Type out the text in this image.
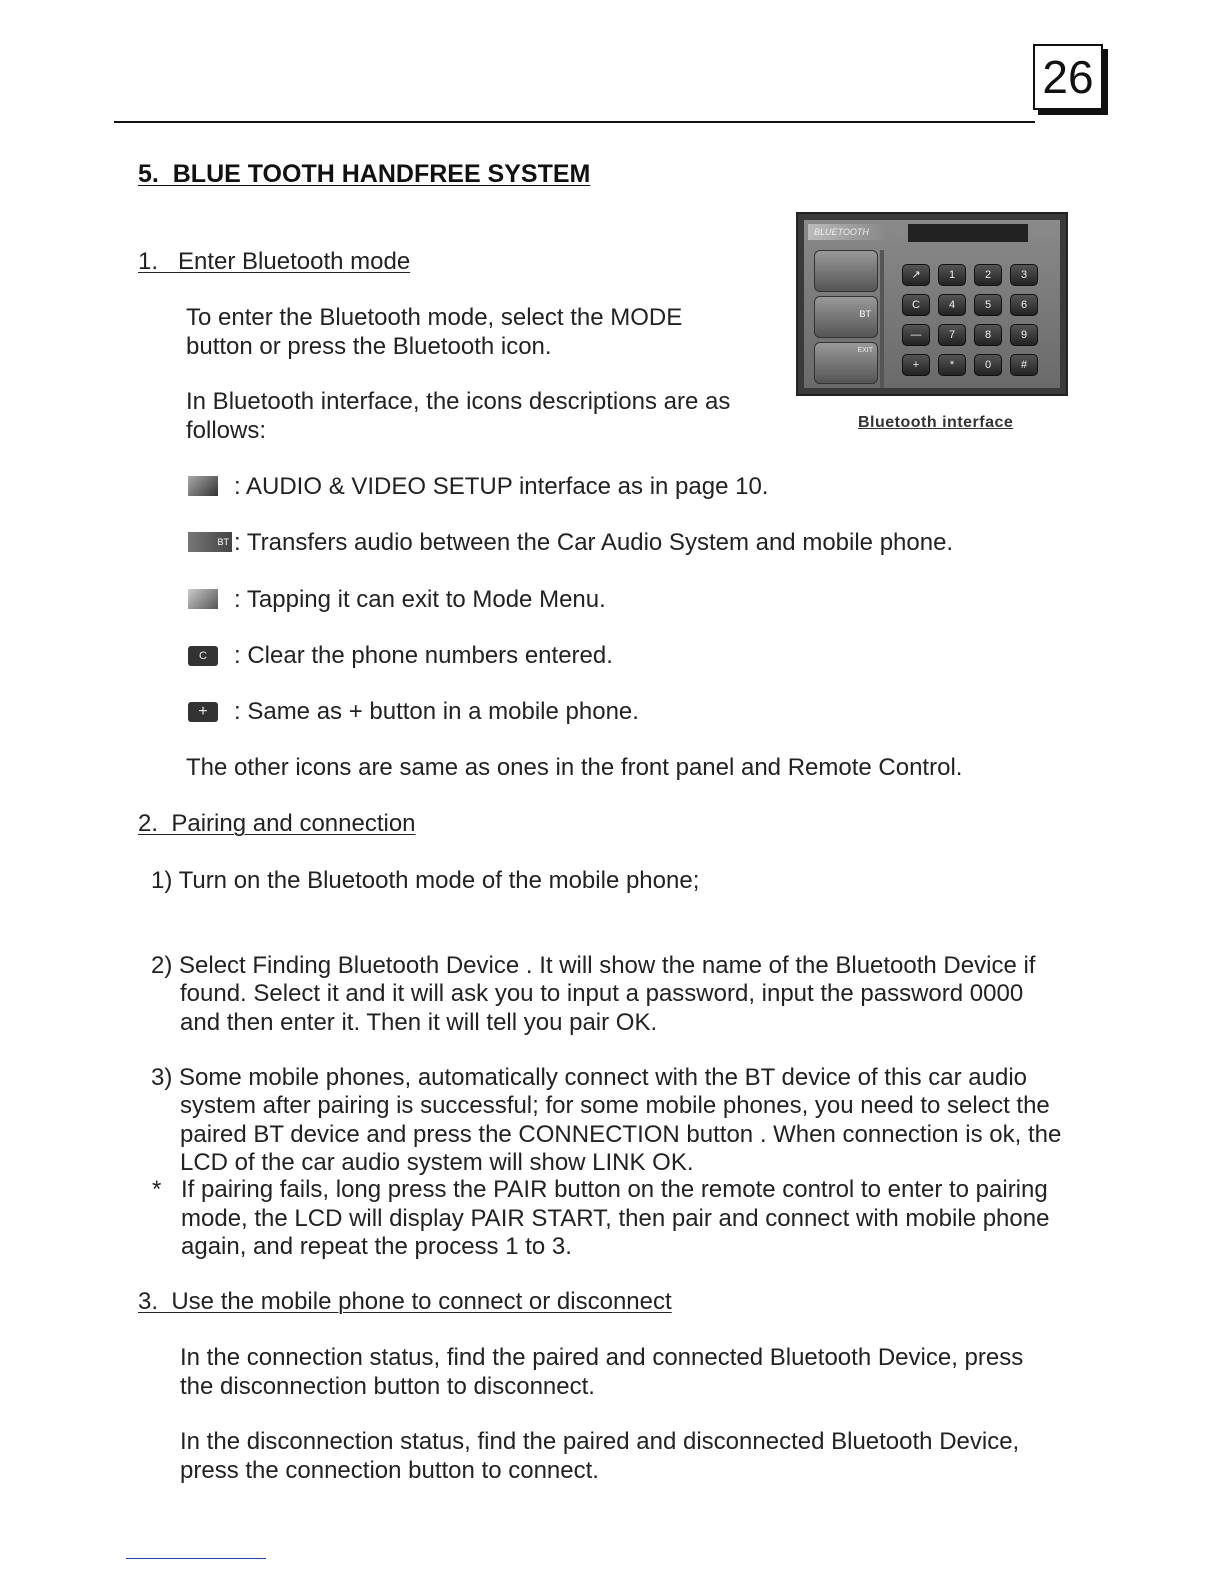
26
5.  BLUE TOOTH HANDFREE SYSTEM
1.   Enter Bluetooth mode
To enter the Bluetooth mode, select the MODE
button or press the Bluetooth icon.
In Bluetooth interface, the icons descriptions are as
follows:
BLUETOOTH
BT
EXIT
↗	1	2	3
C	4	5	6
―	7	8	9
+	*	0	#
Bluetooth interface
: AUDIO & VIDEO SETUP interface as in page 10.
BT : Transfers audio between the Car Audio System and mobile phone.
: Tapping it can exit to Mode Menu.
C	: Clear the phone numbers entered.
+	: Same as + button in a mobile phone.
The other icons are same as ones in the front panel and Remote Control.
2.  Pairing and connection
1) Turn on the Bluetooth mode of the mobile phone;

2) Select Finding Bluetooth Device . It will show the name of the Bluetooth Device if
found. Select it and it will ask you to input a password, input the password 0000
and then enter it. Then it will tell you pair OK.

3) Some mobile phones, automatically connect with the BT device of this car audio
system after pairing is successful; for some mobile phones, you need to select the
paired BT device and press the CONNECTION button . When connection is ok, the
LCD of the car audio system will show LINK OK.

* If pairing fails, long press the PAIR button on the remote control to enter to pairing
mode, the LCD will display PAIR START, then pair and connect with mobile phone
again, and repeat the process 1 to 3.
3.  Use the mobile phone to connect or disconnect
In the connection status, find the paired and connected Bluetooth Device, press
the disconnection button to disconnect.
In the disconnection status, find the paired and disconnected Bluetooth Device,
press the connection button to connect.
